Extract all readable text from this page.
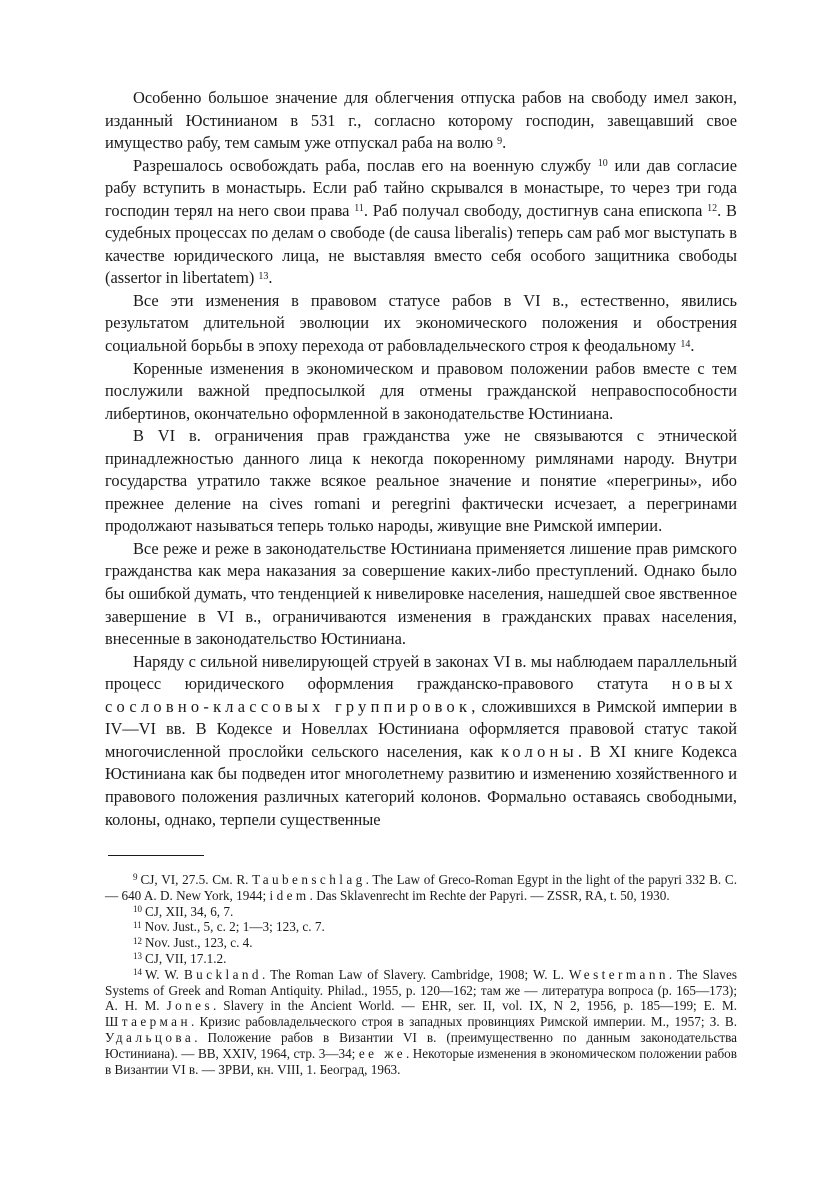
Особенно большое значение для облегчения отпуска рабов на свободу имел закон, изданный Юстинианом в 531 г., согласно которому господин, завещавший свое имущество рабу, тем самым уже отпускал раба на волю $^9$.

Разрешалось освобождать раба, послав его на военную службу $^{10}$ или дав согласие рабу вступить в монастырь. Если раб тайно скрывался в монастыре, то через три года господин терял на него свои права $^{11}$. Раб получал свободу, достигнув сана епископа $^{12}$. В судебных процессах по делам о свободе (de causa liberalis) теперь сам раб мог выступать в качестве юридического лица, не выставляя вместо себя особого защитника свободы (assertor in libertatem) $^{13}$.

Все эти изменения в правовом статусе рабов в VI в., естественно, явились результатом длительной эволюции их экономического положения и обострения социальной борьбы в эпоху перехода от рабовладельческого строя к феодальному $^{14}$.

Коренные изменения в экономическом и правовом положении рабов вместе с тем послужили важной предпосылкой для отмены гражданской неправоспособности либертинов, окончательно оформленной в законодательстве Юстиниана.

В VI в. ограничения прав гражданства уже не связываются с этнической принадлежностью данного лица к некогда покоренному римлянами народу. Внутри государства утратило также всякое реальное значение и понятие «перегрины», ибо прежнее деление на cives romani и peregrini фактически исчезает, а перегринами продолжают называться теперь только народы, живущие вне Римской империи.

Все реже и реже в законодательстве Юстиниана применяется лишение прав римского гражданства как мера наказания за совершение каких-либо преступлений. Однако было бы ошибкой думать, что тенденцией к нивелировке населения, нашедшей свое явственное завершение в VI в., ограничиваются изменения в гражданских правах населения, внесенные в законодательство Юстиниана.

Наряду с сильной нивелирующей струей в законах VI в. мы наблюдаем параллельный процесс юридического оформления гражданско-правового статута новых сословно-классовых группировок, сложившихся в Римской империи в IV—VI вв. В Кодексе и Новеллах Юстиниана оформляется правовой статус такой многочисленной прослойки сельского населения, как колоны. В XI книге Кодекса Юстиниана как бы подведен итог многолетнему развитию и изменению хозяйственного и правового положения различных категорий колонов. Формально оставаясь свободными, колоны, однако, терпели существенные

$^9$ CJ, VI, 27.5. См. R. Taubenschlag. The Law of Greco-Roman Egypt in the light of the papyri 332 B. C. — 640 A. D. New York, 1944; idem. Das Sklavenrecht im Rechte der Papyri. — ZSSR, RA, t. 50, 1930.

$^{10}$ CJ, XII, 34, 6, 7.

$^{11}$ Nov. Just., 5, c. 2; 1—3; 123, c. 7.

$^{12}$ Nov. Just., 123, c. 4.

$^{13}$ CJ, VII, 17.1.2.

$^{14}$ W. W. Buckland. The Roman Law of Slavery. Cambridge, 1908; W. L. Westermann. The Slaves Systems of Greek and Roman Antiquity. Philad., 1955, p. 120—162; там же — литература вопроса (p. 165—173); A. H. M. Jones. Slavery in the Ancient World. — EHR, ser. II, vol. IX, N 2, 1956, p. 185—199; Е. М. Штаерман. Кризис рабовладельческого строя в западных провинциях Римской империи. М., 1957; З. В. Удальцова. Положение рабов в Византии VI в. (преимущественно по данным законодательства Юстиниана). — ВВ, XXIV, 1964, стр. 3—34; ее же. Некоторые изменения в экономическом положении рабов в Византии VI в. — ЗРВИ, кн. VIII, 1. Београд, 1963.
